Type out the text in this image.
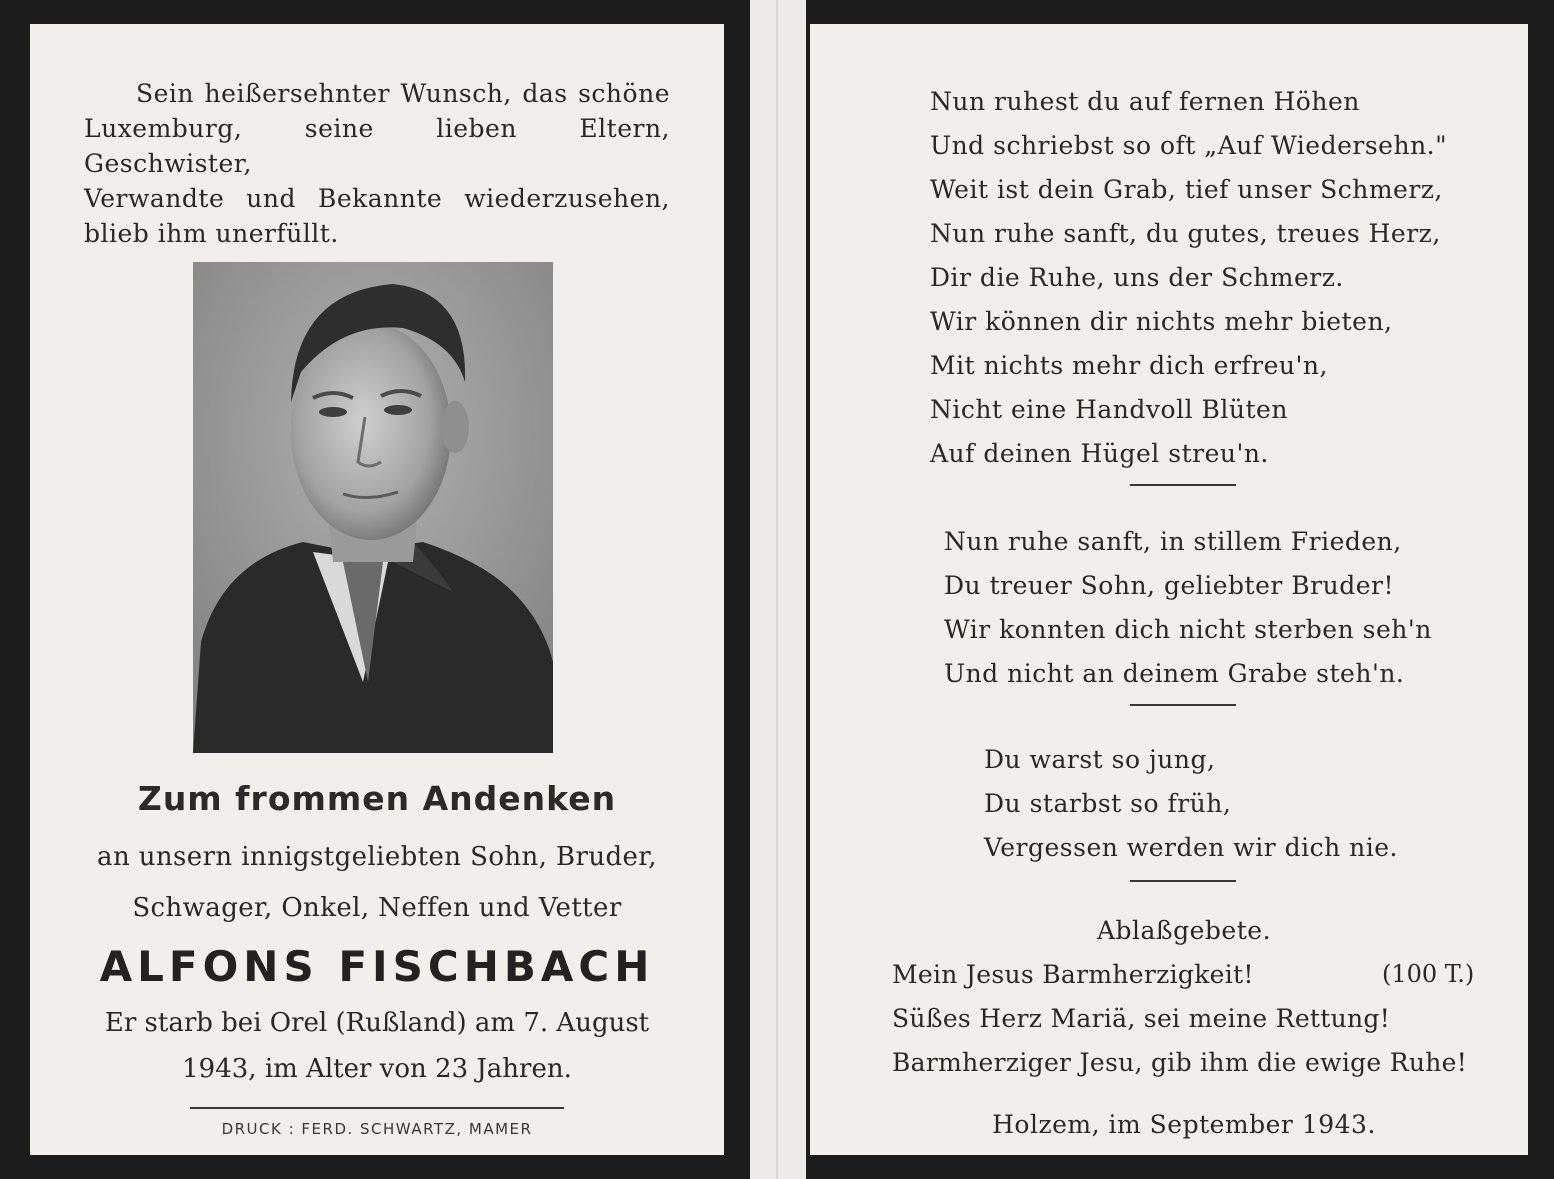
Sein heißersehnter Wunsch, das schöne
Luxemburg, seine lieben Eltern, Geschwister,
Verwandte und Bekannte wiederzusehen,
blieb ihm unerfüllt.

Zum frommen Andenken

an unsern innigstgeliebten Sohn, Bruder,

Schwager, Onkel, Neffen und Vetter

ALFONS FISCHBACH

Er starb bei Orel (Rußland) am 7. August

1943, im Alter von 23 Jahren.

DRUCK : FERD. SCHWARTZ, MAMER

Nun ruhest du auf fernen Höhen
Und schriebst so oft „Auf Wiedersehn."
Weit ist dein Grab, tief unser Schmerz,
Nun ruhe sanft, du gutes, treues Herz,
Dir die Ruhe, uns der Schmerz.
Wir können dir nichts mehr bieten,
Mit nichts mehr dich erfreu'n,
Nicht eine Handvoll Blüten
Auf deinen Hügel streu'n.

Nun ruhe sanft, in stillem Frieden,
Du treuer Sohn, geliebter Bruder!
Wir konnten dich nicht sterben seh'n
Und nicht an deinem Grabe steh'n.

Du warst so jung,
Du starbst so früh,
Vergessen werden wir dich nie.

Ablaßgebete.

Mein Jesus Barmherzigkeit!	(100 T.)

Süßes Herz Mariä, sei meine Rettung!

Barmherziger Jesu, gib ihm die ewige Ruhe!

Holzem, im September 1943.
